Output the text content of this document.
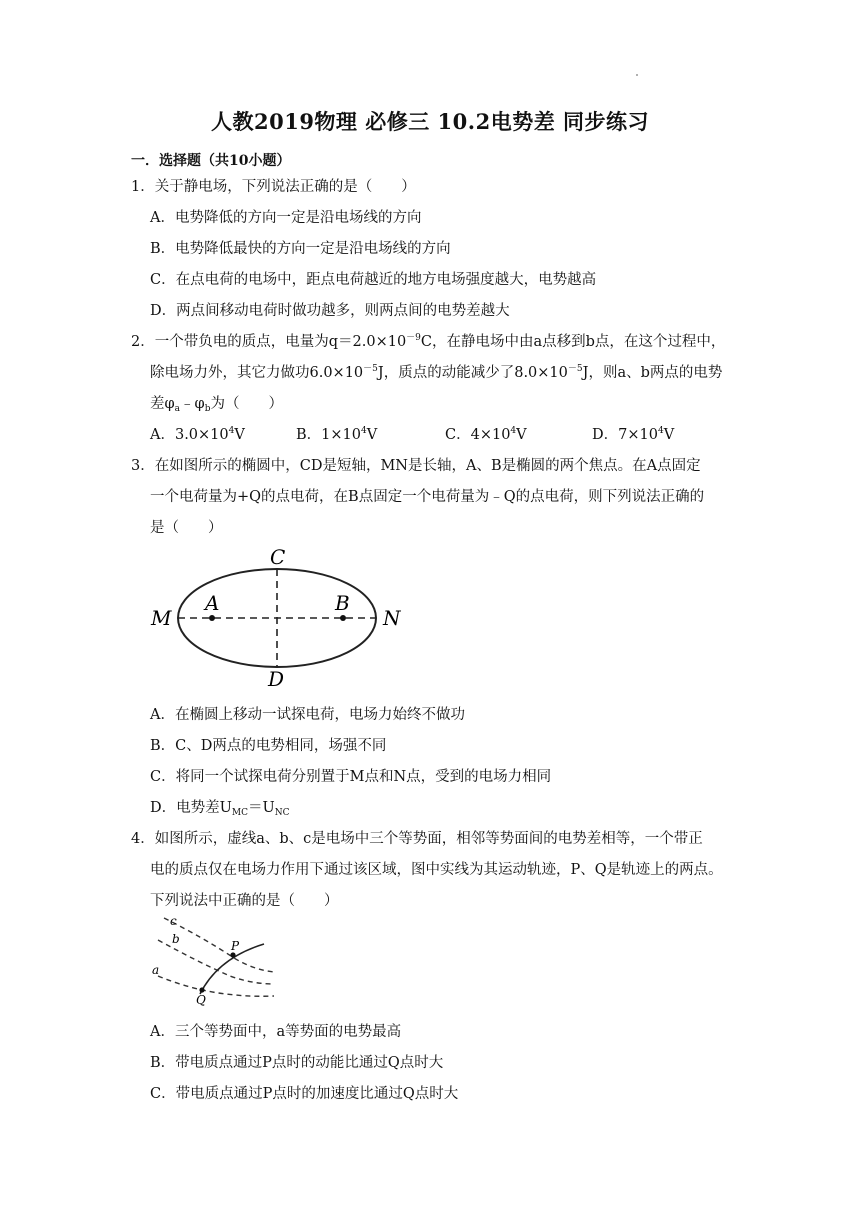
人教2019物理 必修三 10.2电势差 同步练习
一．选择题（共10小题）
1．关于静电场，下列说法正确的是（　　）
A．电势降低的方向一定是沿电场线的方向
B．电势降低最快的方向一定是沿电场线的方向
C．在点电荷的电场中，距点电荷越近的地方电场强度越大，电势越高
D．两点间移动电荷时做功越多，则两点间的电势差越大
2．一个带负电的质点，电量为$q=2.0\times 10^{-9}C$，在静电场中由a点移到b点，在这个过程中，
除电场力外，其它力做功$6.0\times 10^{-5}J$，质点的动能减少了$8.0\times 10^{-5}J$，则a、b两点的电势
差$\varphi_a﹣\varphi_b$为（　　）
A．$3.0\times 10^4V$	B．$1\times 10^4V$	C．$4\times 10^4V$	D．$7\times 10^4V$
3．在如图所示的椭圆中，CD是短轴，MN是长轴，A、B是椭圆的两个焦点。在A点固定
一个电荷量为+Q的点电荷，在B点固定一个电荷量为﹣Q的点电荷，则下列说法正确的
是（　　）
C
D
M	N
A	B
A．在椭圆上移动一试探电荷，电场力始终不做功
B．C、D两点的电势相同，场强不同
C．将同一个试探电荷分别置于M点和N点，受到的电场力相同
D．电势差$U_{MC}=U_{NC}$
4．如图所示，虚线a、b、c是电场中三个等势面，相邻等势面间的电势差相等，一个带正
电的质点仅在电场力作用下通过该区域，图中实线为其运动轨迹，P、Q是轨迹上的两点。
下列说法中正确的是（　　）
c
b
a
P
Q
A．三个等势面中，a等势面的电势最高
B．带电质点通过P点时的动能比通过Q点时大
C．带电质点通过P点时的加速度比通过Q点时大
